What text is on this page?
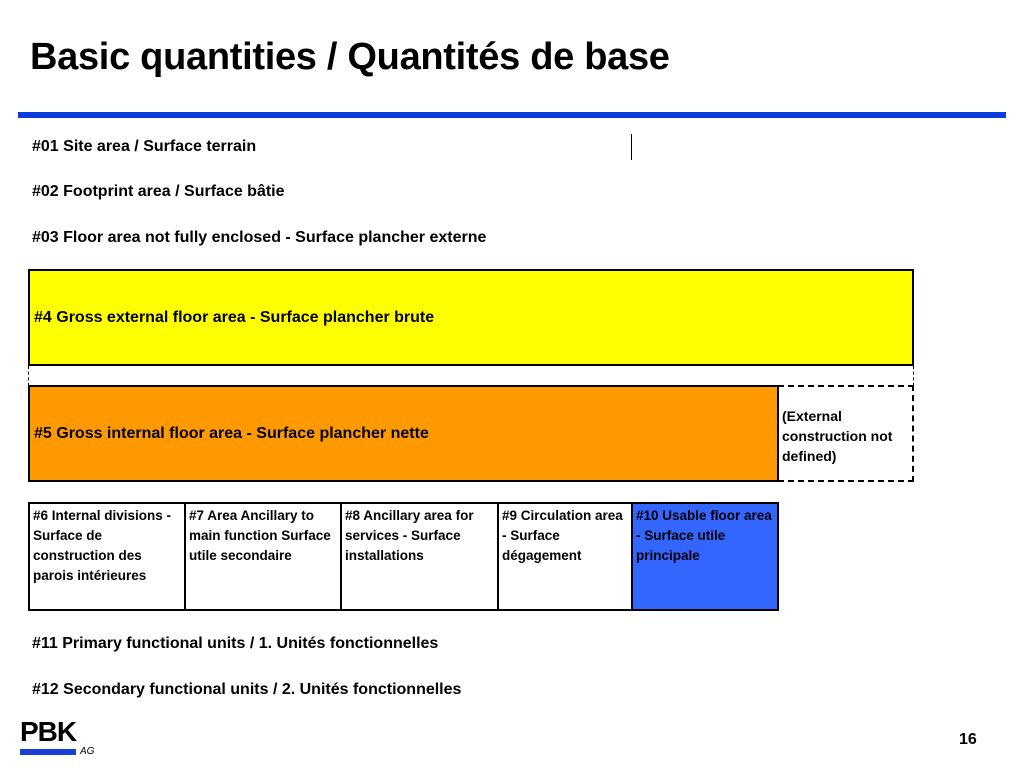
Basic quantities / Quantités de base
#01 Site area / Surface terrain
#02 Footprint area / Surface bâtie
#03 Floor area not fully enclosed - Surface plancher externe
#4 Gross external floor area - Surface plancher brute
#5 Gross internal floor area - Surface plancher nette
(External construction not defined)
#6 Internal divisions - Surface de construction des parois intérieures
#7 Area Ancillary to main function Surface utile secondaire
#8 Ancillary area for services - Surface installations
#9 Circulation area - Surface dégagement
#10 Usable floor area - Surface utile principale
#11 Primary functional units / 1. Unités fonctionnelles
#12 Secondary functional units / 2. Unités fonctionnelles
PBK
AG
16
